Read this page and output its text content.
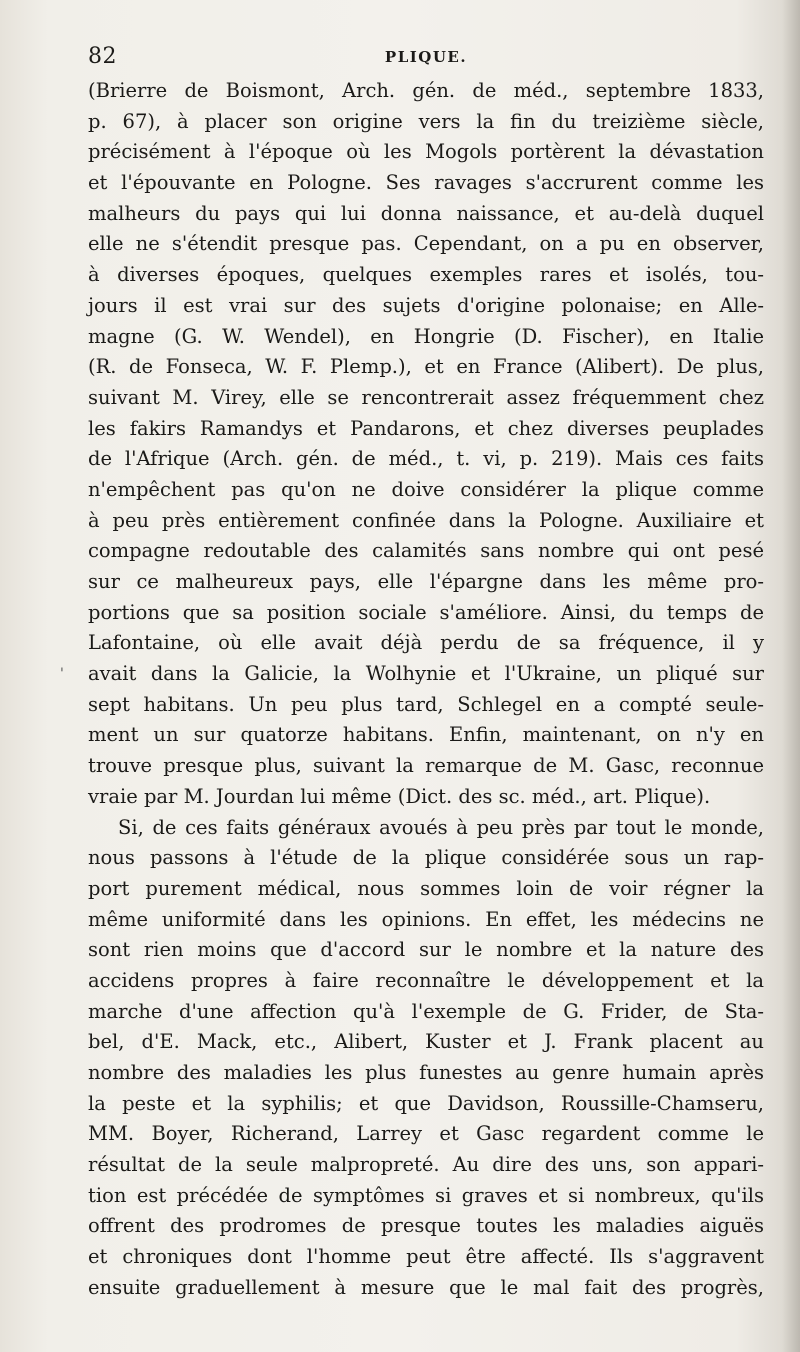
82	PLIQUE.
'
(Brierre de Boismont, Arch. gén. de méd., septembre 1833,
p. 67), à placer son origine vers la fin du treizième siècle,
précisément à l'époque où les Mogols portèrent la dévastation
et l'épouvante en Pologne. Ses ravages s'accrurent comme les
malheurs du pays qui lui donna naissance, et au-delà duquel
elle ne s'étendit presque pas. Cependant, on a pu en observer,
à diverses époques, quelques exemples rares et isolés, tou-
jours il est vrai sur des sujets d'origine polonaise; en Alle-
magne (G. W. Wendel), en Hongrie (D. Fischer), en Italie
(R. de Fonseca, W. F. Plemp.), et en France (Alibert). De plus,
suivant M. Virey, elle se rencontrerait assez fréquemment chez
les fakirs Ramandys et Pandarons, et chez diverses peuplades
de l'Afrique (Arch. gén. de méd., t. vi, p. 219). Mais ces faits
n'empêchent pas qu'on ne doive considérer la plique comme
à peu près entièrement confinée dans la Pologne. Auxiliaire et
compagne redoutable des calamités sans nombre qui ont pesé
sur ce malheureux pays, elle l'épargne dans les même pro-
portions que sa position sociale s'améliore. Ainsi, du temps de
Lafontaine, où elle avait déjà perdu de sa fréquence, il y
avait dans la Galicie, la Wolhynie et l'Ukraine, un pliqué sur
sept habitans. Un peu plus tard, Schlegel en a compté seule-
ment un sur quatorze habitans. Enfin, maintenant, on n'y en
trouve presque plus, suivant la remarque de M. Gasc, reconnue
vraie par M. Jourdan lui même (Dict. des sc. méd., art. Plique).
Si, de ces faits généraux avoués à peu près par tout le monde,
nous passons à l'étude de la plique considérée sous un rap-
port purement médical, nous sommes loin de voir régner la
même uniformité dans les opinions. En effet, les médecins ne
sont rien moins que d'accord sur le nombre et la nature des
accidens propres à faire reconnaître le développement et la
marche d'une affection qu'à l'exemple de G. Frider, de Sta-
bel, d'E. Mack, etc., Alibert, Kuster et J. Frank placent au
nombre des maladies les plus funestes au genre humain après
la peste et la syphilis; et que Davidson, Roussille-Chamseru,
MM. Boyer, Richerand, Larrey et Gasc regardent comme le
résultat de la seule malpropreté. Au dire des uns, son appari-
tion est précédée de symptômes si graves et si nombreux, qu'ils
offrent des prodromes de presque toutes les maladies aiguës
et chroniques dont l'homme peut être affecté. Ils s'aggravent
ensuite graduellement à mesure que le mal fait des progrès,
